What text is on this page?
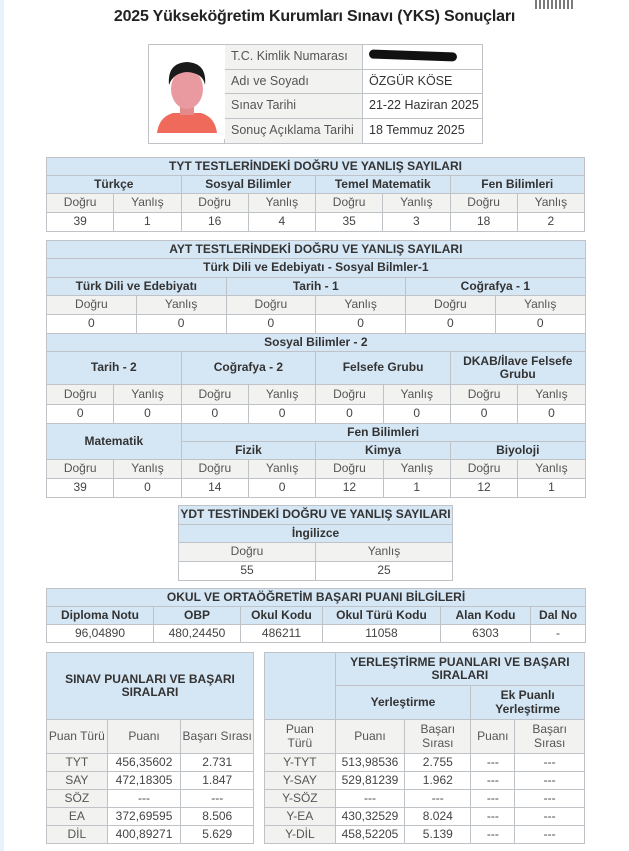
2025 Yükseköğretim Kurumları Sınavı (YKS) Sonuçları
	T.C. Kimlik Numarası	
	Adı ve Soyadı	ÖZGÜR KÖSE
	Sınav Tarihi	21-22 Haziran 2025
	Sonuç Açıklama Tarihi	18 Temmuz 2025
TYT TESTLERİNDEKİ DOĞRU VE YANLIŞ SAYILARI							
Türkçe		Sosyal Bilimler		Temel Matematik		Fen Bilimleri	
Doğru	Yanlış	Doğru	Yanlış	Doğru	Yanlış	Doğru	Yanlış
39	1	16	4	35	3	18	2
AYT TESTLERİNDEKİ DOĞRU VE YANLIŞ SAYILARI											
Türk Dili ve Edebiyatı - Sosyal Bilmler-1											
Türk Dili ve Edebiyatı				Tarih - 1				Coğrafya - 1			
Doğru		Yanlış		Doğru		Yanlış		Doğru		Yanlış	
0		0		0		0		0		0	
Sosyal Bilimler - 2											
Tarih - 2			Coğrafya - 2			Felsefe Grubu			DKAB/İlave Felsefe Grubu		
Doğru	Yanlış		Doğru		Yanlış	Doğru	Yanlış		Doğru		Yanlış
0	0		0		0	0	0		0		0
Matematik			Fen Bilimleri								
			Fizik			Kimya			Biyoloji		
Doğru	Yanlış		Doğru		Yanlış	Doğru	Yanlış		Doğru		Yanlış
39	0		14		0	12	1		12		1
YDT TESTİNDEKİ DOĞRU VE YANLIŞ SAYILARI	
İngilizce	
Doğru	Yanlış
55	25
OKUL VE ORTAÖĞRETİM BAŞARI PUANI BİLGİLERİ					
Diploma Notu	OBP	Okul Kodu	Okul Türü Kodu	Alan Kodu	Dal No
96,04890	480,24450	486211	11058	6303	-
SINAV PUANLARI VE BAŞARI SIRALARI		
Puan Türü	Puanı	Başarı Sırası
TYT	456,35602	2.731
SAY	472,18305	1.847
SÖZ	---	---
EA	372,69595	8.506
DİL	400,89271	5.629
	YERLEŞTİRME PUANLARI VE BAŞARI SIRALARI			
	Yerleştirme		Ek Puanlı Yerleştirme	
Puan Türü	Puanı	Başarı Sırası	Puanı	Başarı Sırası
Y-TYT	513,98536	2.755	---	---
Y-SAY	529,81239	1.962	---	---
Y-SÖZ	---	---	---	---
Y-EA	430,32529	8.024	---	---
Y-DİL	458,52205	5.139	---	---
